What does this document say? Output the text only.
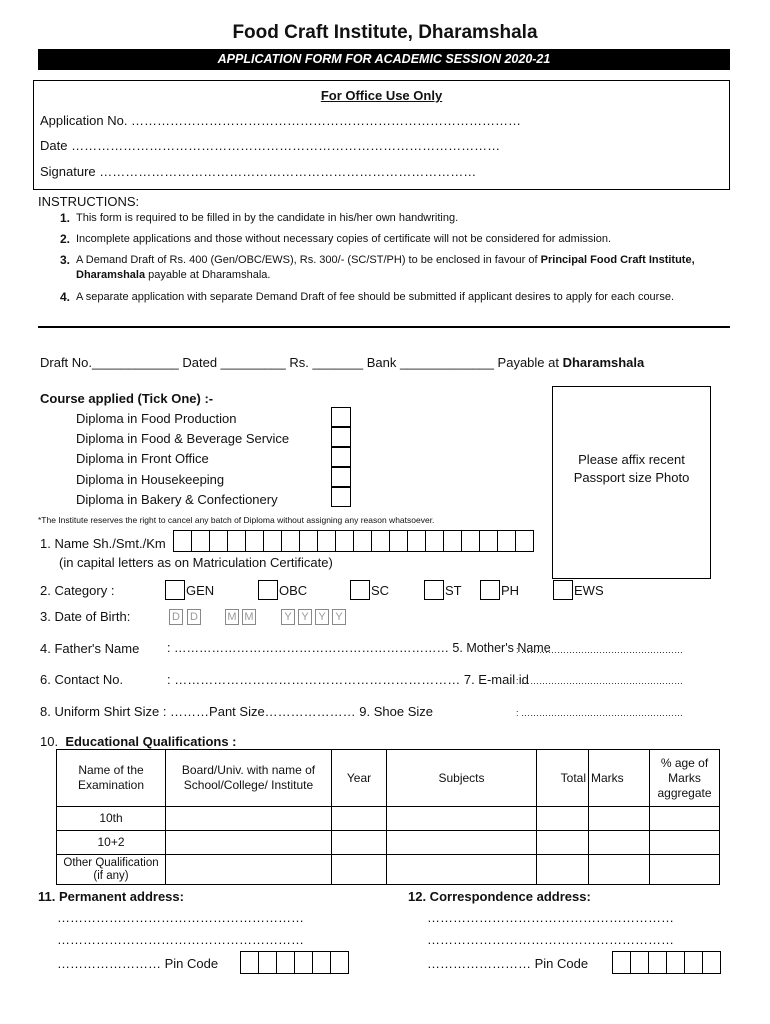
Food Craft Institute, Dharamshala
APPLICATION FORM FOR ACADEMIC SESSION 2020-21
For Office Use Only
Application No. ………………………………………………………………………………
Date ………………………………………………………………………………………
Signature ……………………………………………………………………………
INSTRUCTIONS:
1. This form is required to be filled in by the candidate in his/her own handwriting.
2. Incomplete applications and those without necessary copies of certificate will not be considered for admission.
3. A Demand Draft of Rs. 400 (Gen/OBC/EWS), Rs. 300/- (SC/ST/PH) to be enclosed in favour of Principal Food Craft Institute, Dharamshala payable at Dharamshala.
4. A separate application with separate Demand Draft of fee should be submitted if applicant desires to apply for each course.
Draft No.____________ Dated _________ Rs. _______ Bank _____________ Payable at Dharamshala
Course applied (Tick One) :-
Diploma in Food Production
Diploma in Food & Beverage Service
Diploma in Front Office
Diploma in Housekeeping
Diploma in Bakery & Confectionery
*The Institute reserves the right to cancel any batch of Diploma without assigning any reason whatsoever.
Please affix recent
Passport size Photo
1. Name Sh./Smt./Km
(in capital letters as on Matriculation Certificate)
2. Category :	GEN	OBC	SC	ST	PH	EWS
3. Date of Birth:	D D	M M	Y Y Y Y
4. Father's Name : ………………………………………………………… 5. Mother's Name
: ………………………………………………
6. Contact No.	: ………………………………………………………… 7. E-mail id
: ………………………………………………
8. Uniform Shirt Size : ………Pant Size………………… 9. Shoe Size	: ………………………………………………
10. Educational Qualifications :
Name of the Examination	Board/Univ. with name of School/College/ Institute	Year	Subjects	Total	Marks	% age of Marks aggregate
10th						
10+2						
Other Qualification (if any)						
11. Permanent address:
…………………………………………………
…………………………………………………
…………………… Pin Code
12. Correspondence address:
…………………………………………………
…………………………………………………
…………………… Pin Code
